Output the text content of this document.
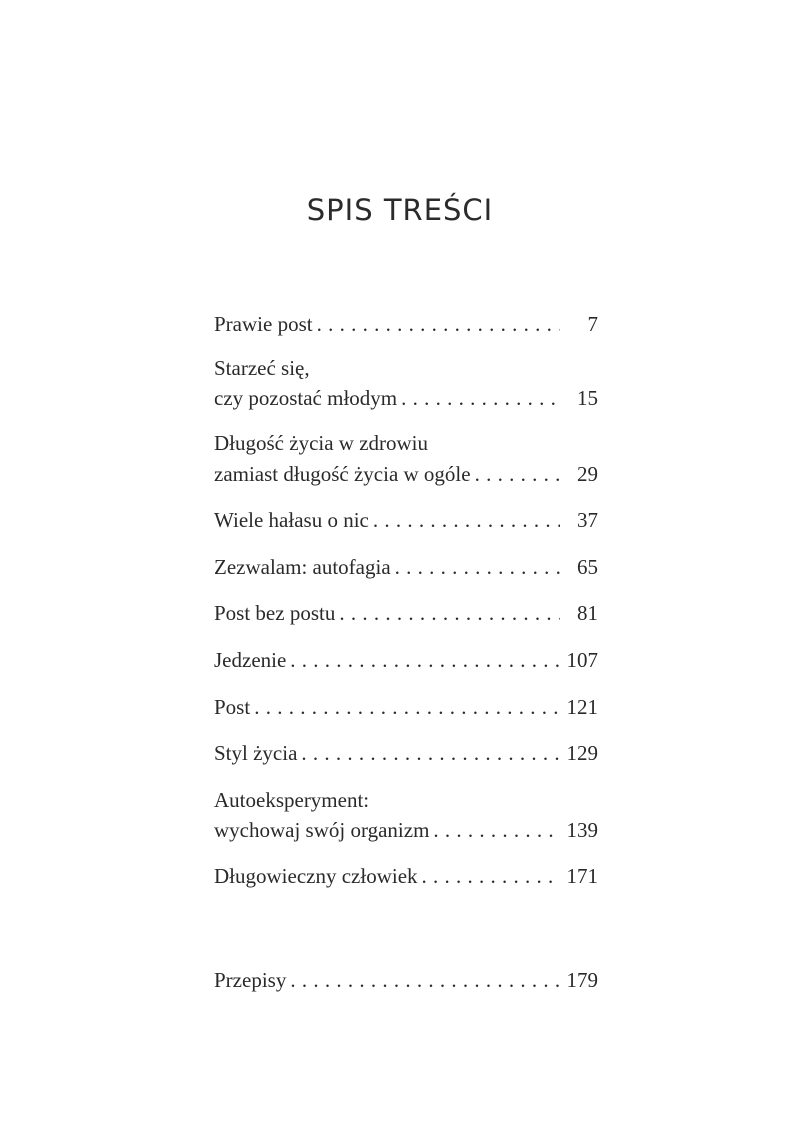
SPIS TREŚCI
Prawie post . . .	7
Starzeć się,
czy pozostać młodym . . .	15
Długość życia w zdrowiu
zamiast długość życia w ogóle . . .	29
Wiele hałasu o nic . . .	37
Zezwalam: autofagia . . .	65
Post bez postu . . .	81
Jedzenie . . .	107
Post . . .	121
Styl życia . . .	129
Autoeksperyment:
wychowaj swój organizm . . .	139
Długowieczny człowiek . . .	171
Przepisy . . .	179
